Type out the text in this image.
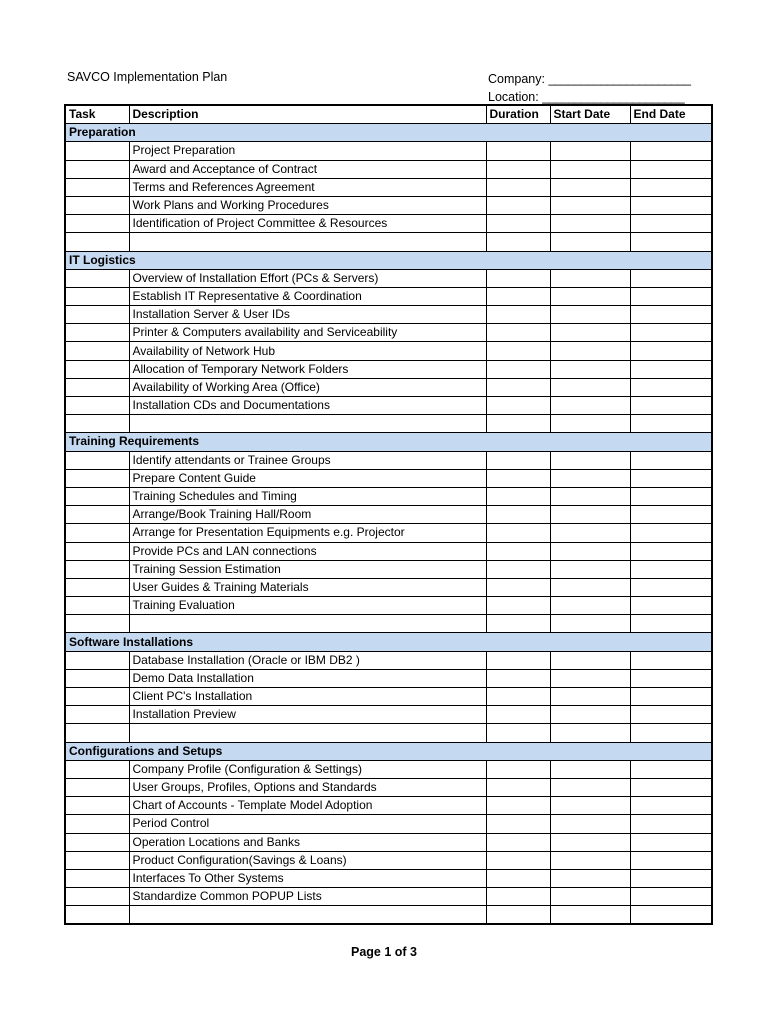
SAVCO Implementation Plan	Company: ______________________
Location: ______________________
Task	Description	Duration	Start Date	End Date
Preparation				
	Project Preparation			
	Award and Acceptance of Contract			
	Terms and References Agreement			
	Work Plans and Working Procedures			
	Identification of Project Committee & Resources			

IT Logistics				
	Overview of Installation Effort (PCs & Servers)			
	Establish IT Representative & Coordination			
	Installation Server & User IDs			
	Printer & Computers availability and Serviceability			
	Availability of Network Hub			
	Allocation of Temporary Network Folders			
	Availability of Working Area (Office)			
	Installation CDs and Documentations			

Training Requirements				
	Identify attendants or Trainee Groups			
	Prepare Content Guide			
	Training Schedules and Timing			
	Arrange/Book Training Hall/Room			
	Arrange for Presentation Equipments e.g. Projector			
	Provide PCs and LAN connections			
	Training Session Estimation			
	User Guides & Training Materials			
	Training Evaluation			

Software Installations				
	Database Installation (Oracle or IBM DB2 )			
	Demo Data Installation			
	Client PC's Installation			
	Installation Preview			

Configurations and Setups				
	Company Profile (Configuration & Settings)			
	User Groups, Profiles, Options and Standards			
	Chart of Accounts - Template Model Adoption			
	Period Control			
	Operation Locations and Banks			
	Product Configuration(Savings & Loans)			
	Interfaces To Other Systems			
	Standardize Common POPUP Lists			

Page 1 of 3
